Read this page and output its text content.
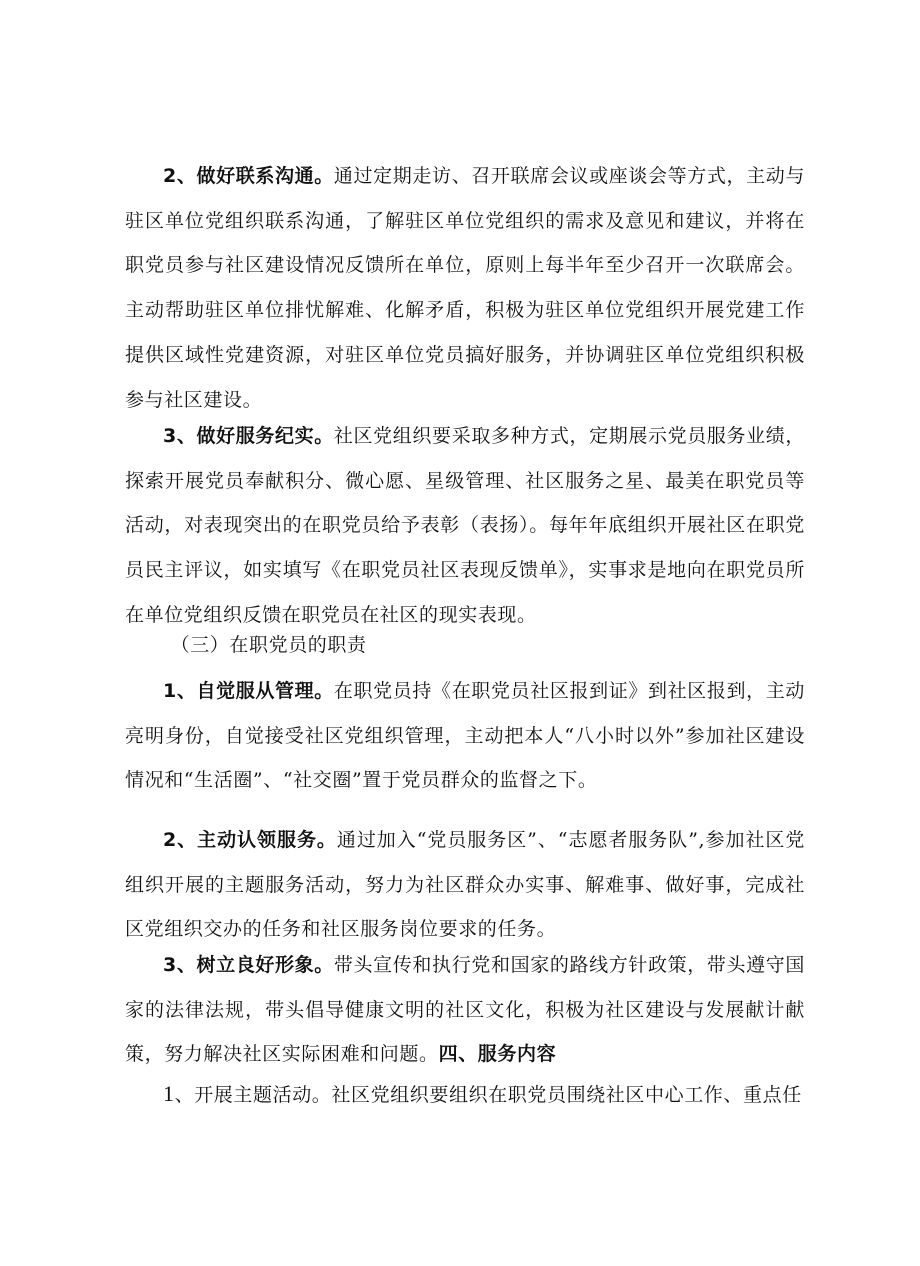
2、做好联系沟通。通过定期走访、召开联席会议或座谈会等方式，主动与驻区单位党组织联系沟通，了解驻区单位党组织的需求及意见和建议，并将在职党员参与社区建设情况反馈所在单位，原则上每半年至少召开一次联席会。主动帮助驻区单位排忧解难、化解矛盾，积极为驻区单位党组织开展党建工作提供区域性党建资源，对驻区单位党员搞好服务，并协调驻区单位党组织积极参与社区建设。

3、做好服务纪实。社区党组织要采取多种方式，定期展示党员服务业绩，探索开展党员奉献积分、微心愿、星级管理、社区服务之星、最美在职党员等活动，对表现突出的在职党员给予表彰（表扬）。每年年底组织开展社区在职党员民主评议，如实填写《在职党员社区表现反馈单》，实事求是地向在职党员所在单位党组织反馈在职党员在社区的现实表现。

（三）在职党员的职责

1、自觉服从管理。在职党员持《在职党员社区报到证》到社区报到，主动亮明身份，自觉接受社区党组织管理，主动把本人“八小时以外”参加社区建设情况和“生活圈”、“社交圈”置于党员群众的监督之下。

2、主动认领服务。通过加入“党员服务区”、“志愿者服务队”,参加社区党组织开展的主题服务活动，努力为社区群众办实事、解难事、做好事，完成社区党组织交办的任务和社区服务岗位要求的任务。

3、树立良好形象。带头宣传和执行党和国家的路线方针政策，带头遵守国家的法律法规，带头倡导健康文明的社区文化，积极为社区建设与发展献计献策，努力解决社区实际困难和问题。四、服务内容

1、开展主题活动。社区党组织要组织在职党员围绕社区中心工作、重点任
